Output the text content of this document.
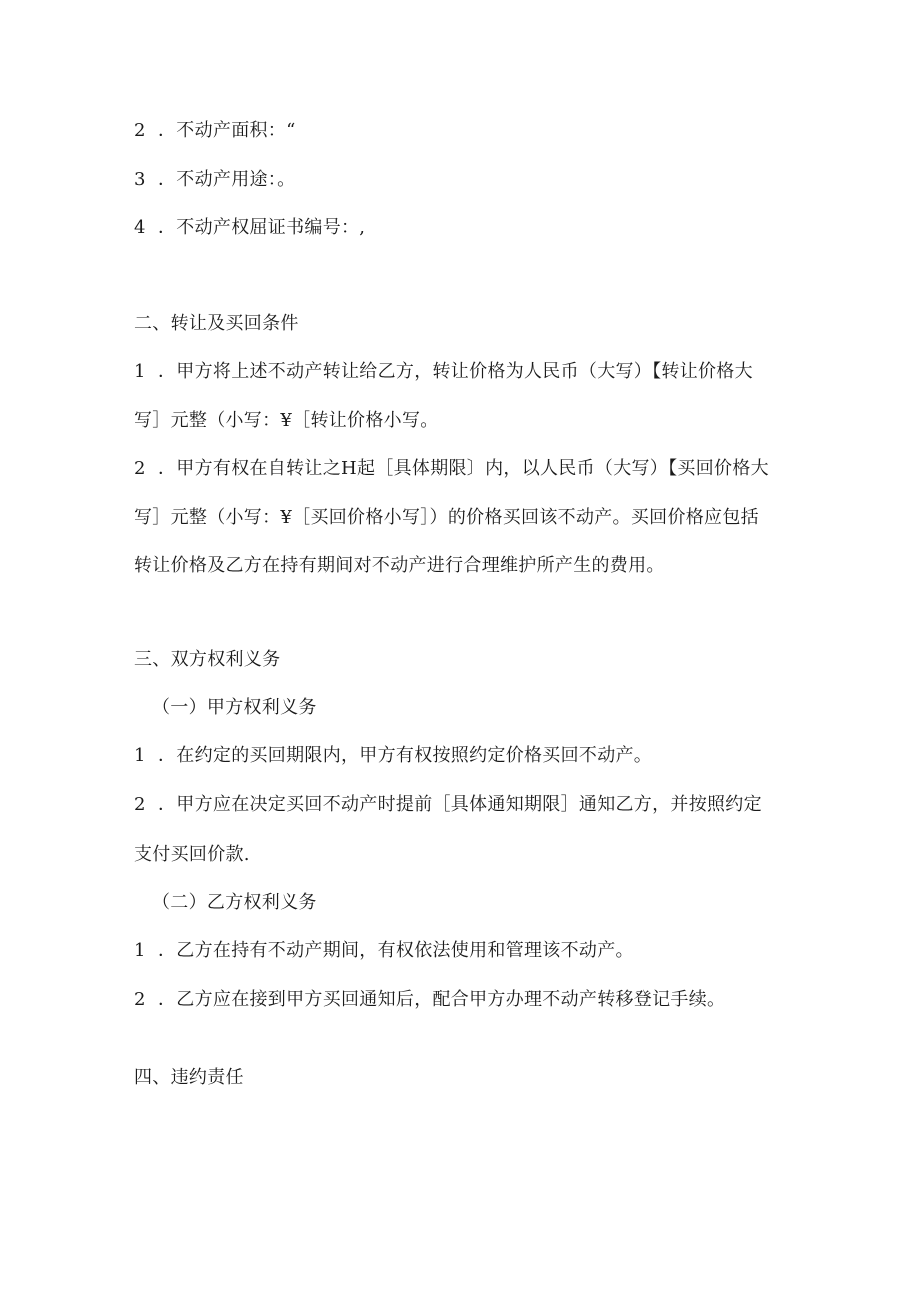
2 ．不动产面积：“
3 ．不动产用途：。
4 ．不动产权屈证书编号：,
二、转让及买回条件
1 ．甲方将上述不动产转让给乙方，转让价格为人民币（大写）【转让价格大
写］元整（小写：¥［转让价格小写。
2 ．甲方有权在自转让之H起［具体期限〕内，以人民币（大写）【买回价格大
写］元整（小写：¥［买回价格小写］）的价格买回该不动产。买回价格应包括
转让价格及乙方在持有期间对不动产进行合理维护所产生的费用。
三、双方权利义务
（一）甲方权利义务
1 ．在约定的买回期限内，甲方有权按照约定价格买回不动产。
2 ．甲方应在决定买回不动产时提前［具体通知期限］通知乙方，并按照约定
支付买回价款.
（二）乙方权利义务
1 ．乙方在持有不动产期间，有权依法使用和管理该不动产。
2 ．乙方应在接到甲方买回通知后，配合甲方办理不动产转移登记手续。
四、违约责任
